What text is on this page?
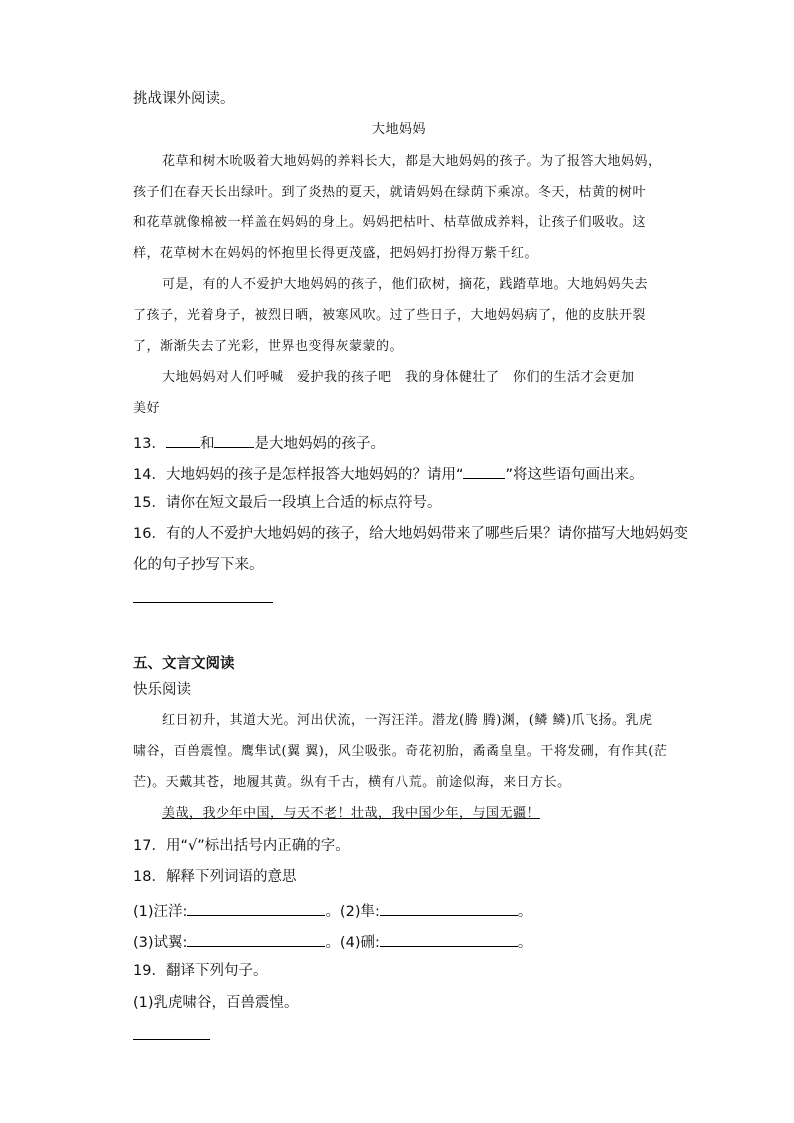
挑战课外阅读。
大地妈妈
花草和树木吮吸着大地妈妈的养料长大，都是大地妈妈的孩子。为了报答大地妈妈，
孩子们在春天长出绿叶。到了炎热的夏天，就请妈妈在绿荫下乘凉。冬天，枯黄的树叶
和花草就像棉被一样盖在妈妈的身上。妈妈把枯叶、枯草做成养料，让孩子们吸收。这
样，花草树木在妈妈的怀抱里长得更茂盛，把妈妈打扮得万紫千红。
可是，有的人不爱护大地妈妈的孩子，他们砍树，摘花，践踏草地。大地妈妈失去
了孩子，光着身子，被烈日晒，被寒风吹。过了些日子，大地妈妈病了，他的皮肤开裂
了，渐渐失去了光彩，世界也变得灰蒙蒙的。
大地妈妈对人们呼喊　爱护我的孩子吧　我的身体健壮了　你们的生活才会更加
美好
13． 和	是大地妈妈的孩子。
14．大地妈妈的孩子是怎样报答大地妈妈的？请用“	”将这些语句画出来。
15．请你在短文最后一段填上合适的标点符号。
16．有的人不爱护大地妈妈的孩子，给大地妈妈带来了哪些后果？请你描写大地妈妈变
化的句子抄写下来。
五、文言文阅读
快乐阅读
红日初升，其道大光。河出伏流，一泻汪洋。潜龙(腾 腾)渊，(鳞 鳞)爪飞扬。乳虎
啸谷，百兽震惶。鹰隼试(翼 翼)，风尘吸张。奇花初胎，矞矞皇皇。干将发硎，有作其(茫
芒)。天戴其苍，地履其黄。纵有千古，横有八荒。前途似海，来日方长。
美哉，我少年中国，与天不老！壮哉，我中国少年，与国无疆！
17．用“√”标出括号内正确的字。
18．解释下列词语的意思
(1)汪洋:	。(2)隼:	。
(3)试翼:	。(4)硎:	。
19．翻译下列句子。
(1)乳虎啸谷，百兽震惶。
